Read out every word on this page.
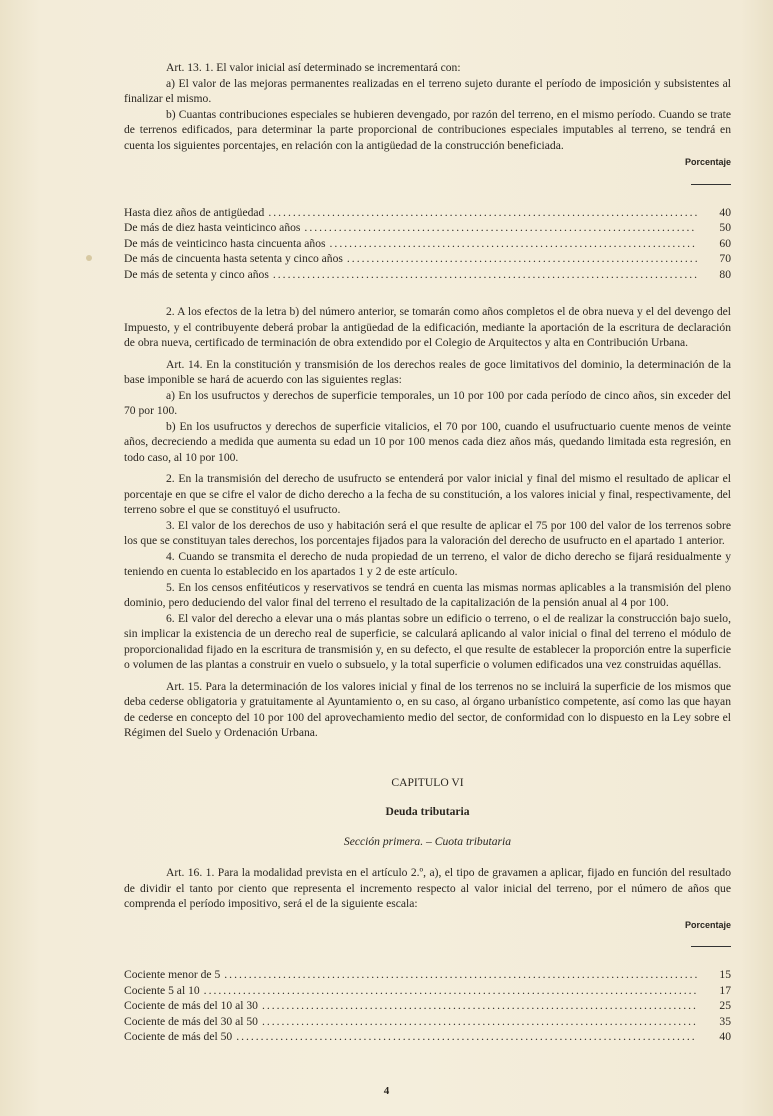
Art. 13. 1. El valor inicial así determinado se incrementará con:

a) El valor de las mejoras permanentes realizadas en el terreno sujeto durante el período de imposición y subsistentes al finalizar el mismo.

b) Cuantas contribuciones especiales se hubieren devengado, por razón del terreno, en el mismo período. Cuando se trate de terrenos edificados, para determinar la parte proporcional de contribuciones especiales imputables al terreno, se tendrá en cuenta los siguientes porcentajes, en relación con la antigüedad de la construcción beneficiada.

Porcentaje
Hasta diez años de antigüedad .....	40
De más de diez hasta veinticinco años .....	50
De más de veinticinco hasta cincuenta años .....	60
De más de cincuenta hasta setenta y cinco años .....	70
De más de setenta y cinco años .....	80

2. A los efectos de la letra b) del número anterior, se tomarán como años completos el de obra nueva y el del devengo del Impuesto, y el contribuyente deberá probar la antigüedad de la edificación, mediante la aportación de la escritura de declaración de obra nueva, certificado de terminación de obra extendido por el Colegio de Arquitectos y alta en Contribución Urbana.

Art. 14. En la constitución y transmisión de los derechos reales de goce limitativos del dominio, la determinación de la base imponible se hará de acuerdo con las siguientes reglas:

a) En los usufructos y derechos de superficie temporales, un 10 por 100 por cada período de cinco años, sin exceder del 70 por 100.

b) En los usufructos y derechos de superficie vitalicios, el 70 por 100, cuando el usufructuario cuente menos de veinte años, decreciendo a medida que aumenta su edad un 10 por 100 menos cada diez años más, quedando limitada esta regresión, en todo caso, al 10 por 100.

2. En la transmisión del derecho de usufructo se entenderá por valor inicial y final del mismo el resultado de aplicar el porcentaje en que se cifre el valor de dicho derecho a la fecha de su constitución, a los valores inicial y final, respectivamente, del terreno sobre el que se constituyó el usufructo.

3. El valor de los derechos de uso y habitación será el que resulte de aplicar el 75 por 100 del valor de los terrenos sobre los que se constituyan tales derechos, los porcentajes fijados para la valoración del derecho de usufructo en el apartado 1 anterior.

4. Cuando se transmita el derecho de nuda propiedad de un terreno, el valor de dicho derecho se fijará residualmente y teniendo en cuenta lo establecido en los apartados 1 y 2 de este artículo.

5. En los censos enfitéuticos y reservativos se tendrá en cuenta las mismas normas aplicables a la transmisión del pleno dominio, pero deduciendo del valor final del terreno el resultado de la capitalización de la pensión anual al 4 por 100.

6. El valor del derecho a elevar una o más plantas sobre un edificio o terreno, o el de realizar la construcción bajo suelo, sin implicar la existencia de un derecho real de superficie, se calculará aplicando al valor inicial o final del terreno el módulo de proporcionalidad fijado en la escritura de transmisión y, en su defecto, el que resulte de establecer la proporción entre la superficie o volumen de las plantas a construir en vuelo o subsuelo, y la total superficie o volumen edificados una vez construidas aquéllas.

Art. 15. Para la determinación de los valores inicial y final de los terrenos no se incluirá la superficie de los mismos que deba cederse obligatoria y gratuitamente al Ayuntamiento o, en su caso, al órgano urbanístico competente, así como las que hayan de cederse en concepto del 10 por 100 del aprovechamiento medio del sector, de conformidad con lo dispuesto en la Ley sobre el Régimen del Suelo y Ordenación Urbana.

CAPITULO VI

Deuda tributaria

Sección primera. – Cuota tributaria

Art. 16. 1. Para la modalidad prevista en el artículo 2.º, a), el tipo de gravamen a aplicar, fijado en función del resultado de dividir el tanto por ciento que representa el incremento respecto al valor inicial del terreno, por el número de años que comprenda el período impositivo, será el de la siguiente escala:

Porcentaje
Cociente menor de 5 .....	15
Cociente 5 al 10 .....	17
Cociente de más del 10 al 30 .....	25
Cociente de más del 30 al 50 .....	35
Cociente de más del 50 .....	40
4
